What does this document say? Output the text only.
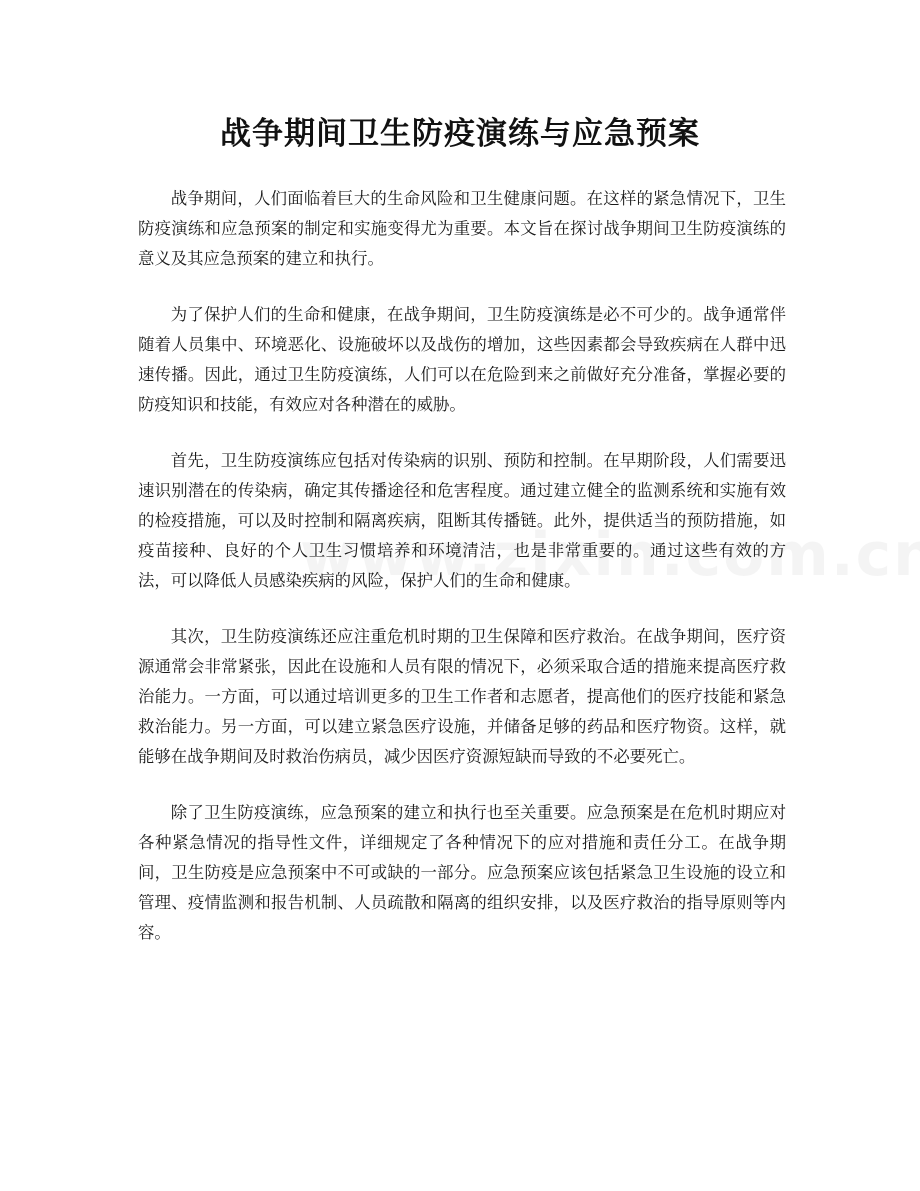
战争期间卫生防疫演练与应急预案

战争期间，人们面临着巨大的生命风险和卫生健康问题。在这样的紧急情况下，卫生防疫演练和应急预案的制定和实施变得尤为重要。本文旨在探讨战争期间卫生防疫演练的意义及其应急预案的建立和执行。

为了保护人们的生命和健康，在战争期间，卫生防疫演练是必不可少的。战争通常伴随着人员集中、环境恶化、设施破坏以及战伤的增加，这些因素都会导致疾病在人群中迅速传播。因此，通过卫生防疫演练，人们可以在危险到来之前做好充分准备，掌握必要的防疫知识和技能，有效应对各种潜在的威胁。

首先，卫生防疫演练应包括对传染病的识别、预防和控制。在早期阶段，人们需要迅速识别潜在的传染病，确定其传播途径和危害程度。通过建立健全的监测系统和实施有效的检疫措施，可以及时控制和隔离疾病，阻断其传播链。此外，提供适当的预防措施，如疫苗接种、良好的个人卫生习惯培养和环境清洁，也是非常重要的。通过这些有效的方法，可以降低人员感染疾病的风险，保护人们的生命和健康。

其次，卫生防疫演练还应注重危机时期的卫生保障和医疗救治。在战争期间，医疗资源通常会非常紧张，因此在设施和人员有限的情况下，必须采取合适的措施来提高医疗救治能力。一方面，可以通过培训更多的卫生工作者和志愿者，提高他们的医疗技能和紧急救治能力。另一方面，可以建立紧急医疗设施，并储备足够的药品和医疗物资。这样，就能够在战争期间及时救治伤病员，减少因医疗资源短缺而导致的不必要死亡。

除了卫生防疫演练，应急预案的建立和执行也至关重要。应急预案是在危机时期应对各种紧急情况的指导性文件，详细规定了各种情况下的应对措施和责任分工。在战争期间，卫生防疫是应急预案中不可或缺的一部分。应急预案应该包括紧急卫生设施的设立和管理、疫情监测和报告机制、人员疏散和隔离的组织安排，以及医疗救治的指导原则等内容。
